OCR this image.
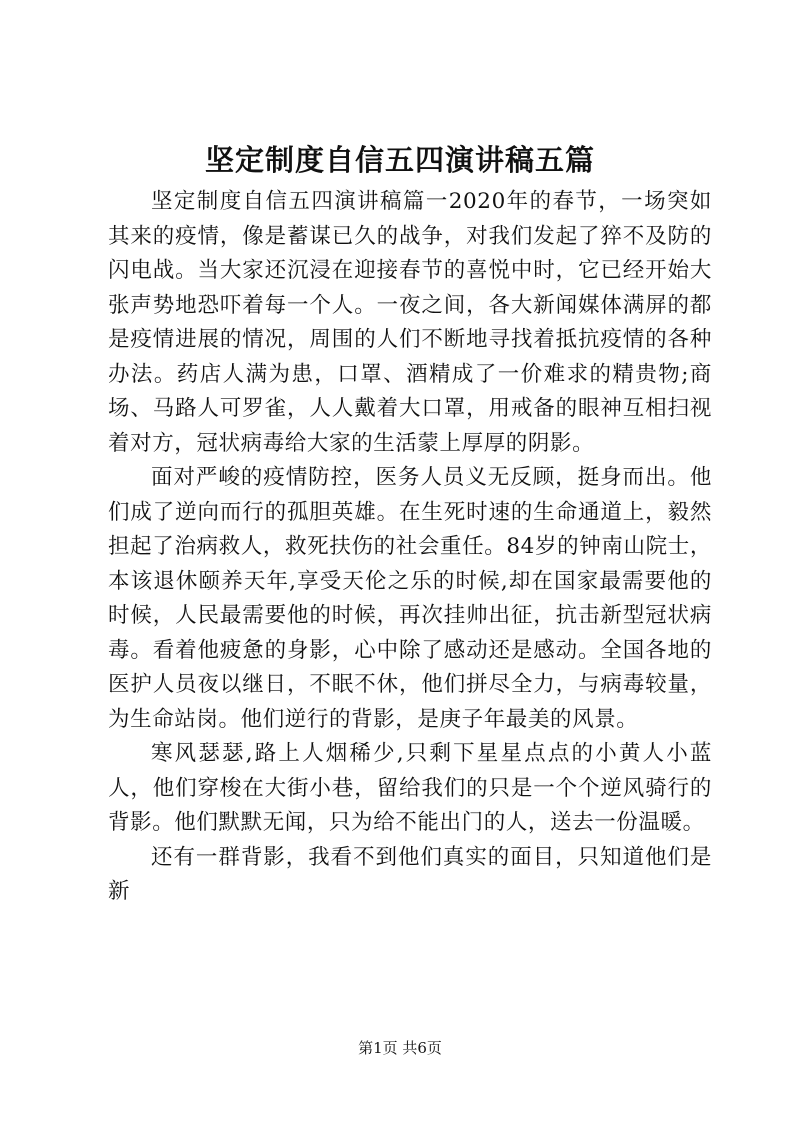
坚定制度自信五四演讲稿五篇

坚定制度自信五四演讲稿篇一2020年的春节，一场突如其来的疫情，像是蓄谋已久的战争，对我们发起了猝不及防的闪电战。当大家还沉浸在迎接春节的喜悦中时，它已经开始大张声势地恐吓着每一个人。一夜之间，各大新闻媒体满屏的都是疫情进展的情况，周围的人们不断地寻找着抵抗疫情的各种办法。药店人满为患，口罩、酒精成了一价难求的精贵物;商场、马路人可罗雀，人人戴着大口罩，用戒备的眼神互相扫视着对方，冠状病毒给大家的生活蒙上厚厚的阴影。

面对严峻的疫情防控，医务人员义无反顾，挺身而出。他们成了逆向而行的孤胆英雄。在生死时速的生命通道上，毅然担起了治病救人，救死扶伤的社会重任。84岁的钟南山院士，本该退休颐养天年,享受天伦之乐的时候,却在国家最需要他的时候，人民最需要他的时候，再次挂帅出征，抗击新型冠状病毒。看着他疲惫的身影，心中除了感动还是感动。全国各地的医护人员夜以继日，不眠不休，他们拼尽全力，与病毒较量，为生命站岗。他们逆行的背影，是庚子年最美的风景。

寒风瑟瑟,路上人烟稀少,只剩下星星点点的小黄人小蓝人，他们穿梭在大街小巷，留给我们的只是一个个逆风骑行的背影。他们默默无闻，只为给不能出门的人，送去一份温暖。

还有一群背影，我看不到他们真实的面目，只知道他们是新

第1页 共6页
